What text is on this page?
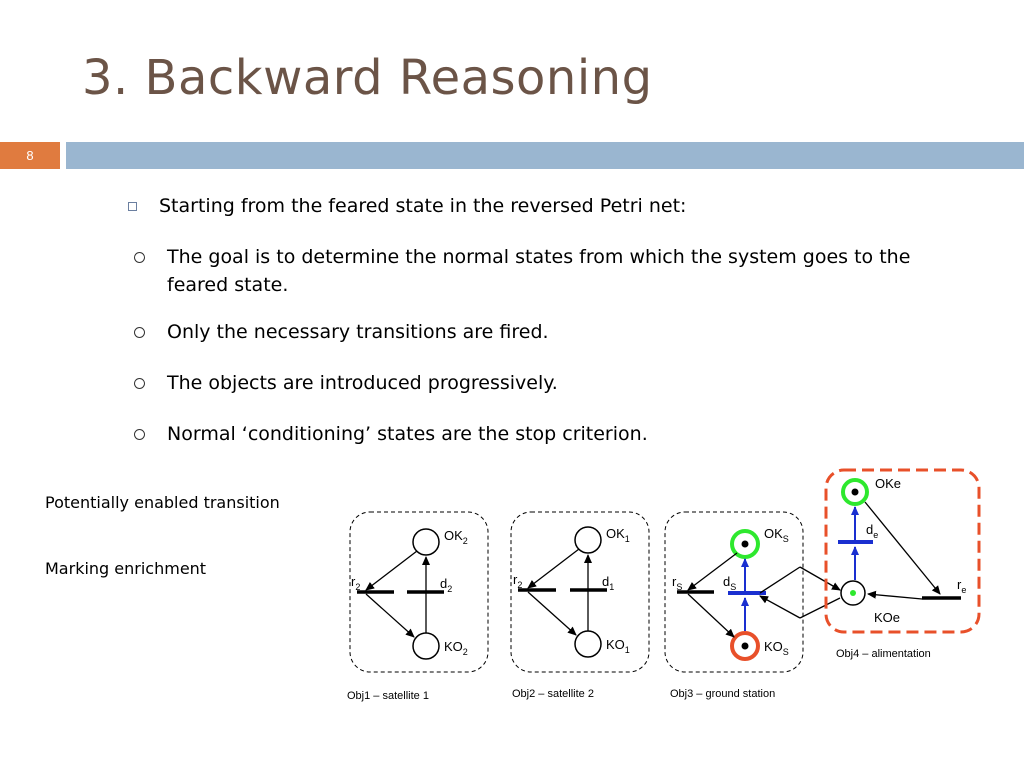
3. Backward Reasoning
8
Starting from the feared state in the reversed Petri net:
The goal is to determine the normal states from which the system goes to the feared state.
Only the necessary transitions are fired.
The objects are introduced progressively.
Normal ‘conditioning’ states are the stop criterion.
Potentially enabled transition
Marking enrichment
$OK_2$
$KO_2$
$r_2$	$d_2$
Obj1 – satellite 1
$OK_1$
$KO_1$
$r_2$	$d_1$
Obj2 – satellite 2
$OK_S$
$KO_S$
$r_S$	$d_S$
Obj3 – ground station
OKe
KOe
$d_e$
$r_e$
Obj4 – alimentation
